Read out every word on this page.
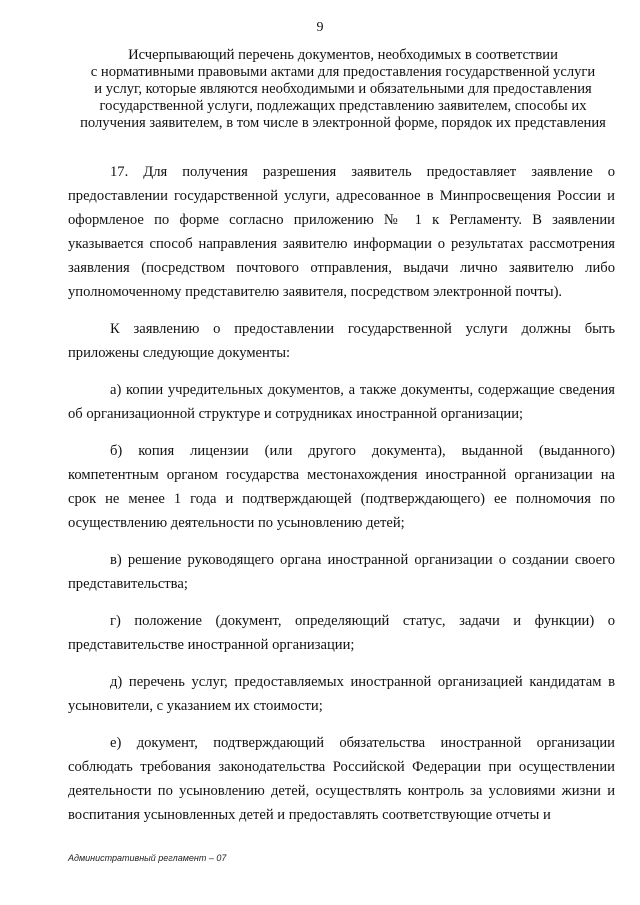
9
Исчерпывающий перечень документов, необходимых в соответствии
с нормативными правовыми актами для предоставления государственной услуги
и услуг, которые являются необходимыми и обязательными для предоставления
государственной услуги, подлежащих представлению заявителем, способы их
получения заявителем, в том числе в электронной форме, порядок их представления

17. Для получения разрешения заявитель предоставляет заявление о предоставлении государственной услуги, адресованное в Минпросвещения России и оформленое по форме согласно приложению № 1 к Регламенту. В заявлении указывается способ направления заявителю информации о результатах рассмотрения заявления (посредством почтового отправления, выдачи лично заявителю либо уполномоченному представителю заявителя, посредством электронной почты).

К заявлению о предоставлении государственной услуги должны быть приложены следующие документы:

а) копии учредительных документов, а также документы, содержащие сведения об организационной структуре и сотрудниках иностранной организации;

б) копия лицензии (или другого документа), выданной (выданного) компетентным органом государства местонахождения иностранной организации на срок не менее 1 года и подтверждающей (подтверждающего) ее полномочия по осуществлению деятельности по усыновлению детей;

в) решение руководящего органа иностранной организации о создании своего представительства;

г) положение (документ, определяющий статус, задачи и функции) о представительстве иностранной организации;

д) перечень услуг, предоставляемых иностранной организацией кандидатам в усыновители, с указанием их стоимости;

е) документ, подтверждающий обязательства иностранной организации соблюдать требования законодательства Российской Федерации при осуществлении деятельности по усыновлению детей, осуществлять контроль за условиями жизни и воспитания усыновленных детей и предоставлять соответствующие отчеты и

Административный регламент – 07
